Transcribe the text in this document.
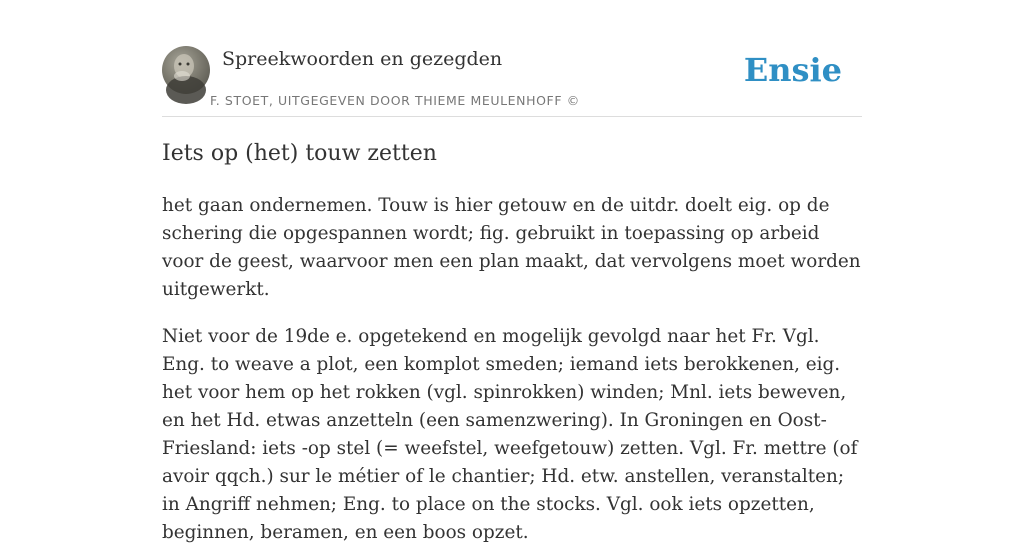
Spreekwoorden en gezegden
F. STOET, UITGEGEVEN DOOR THIEME MEULENHOFF ©
Ensie
Iets op (het) touw zetten

het gaan ondernemen. Touw is hier getouw en de uitdr. doelt eig. op de schering die opgespannen wordt; fig. gebruikt in toepassing op arbeid voor de geest, waarvoor men een plan maakt, dat vervolgens moet worden uitgewerkt.

Niet voor de 19de e. opgetekend en mogelijk gevolgd naar het Fr. Vgl. Eng. to weave a plot, een komplot smeden; iemand iets berokkenen, eig. het voor hem op het rokken (vgl. spinrokken) winden; Mnl. iets beweven, en het Hd. etwas anzetteln (een samenzwering). In Groningen en Oost-Friesland: iets -op stel (= weefstel, weefgetouw) zetten. Vgl. Fr. mettre (of avoir qqch.) sur le métier of le chantier; Hd. etw. anstellen, veranstalten; in Angriff nehmen; Eng. to place on the stocks. Vgl. ook iets opzetten, beginnen, beramen, en een boos opzet.
